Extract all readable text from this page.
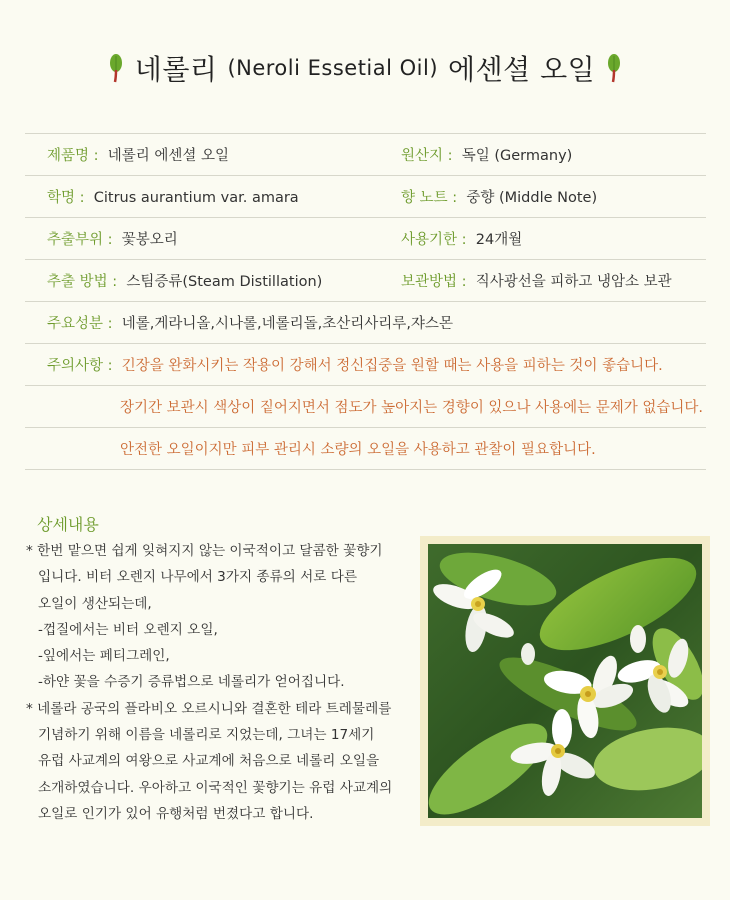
네롤리 (Neroli Essetial Oil) 에센셜 오일
제품명 : 네롤리 에센셜 오일	원산지 : 독일 (Germany)
학명 : Citrus aurantium var. amara	향 노트 : 중향 (Middle Note)
추출부위 : 꽃봉오리	사용기한 : 24개월
추출 방법 : 스팀증류(Steam Distillation)	보관방법 : 직사광선을 피하고 냉암소 보관
주요성분 : 네롤,게라니올,시나롤,네롤리돌,초산리사리루,쟈스몬	
주의사항 : 긴장을 완화시키는 작용이 강해서 정신집중을 원할 때는 사용을 피하는 것이 좋습니다.	
장기간 보관시 색상이 짙어지면서 점도가 높아지는 경향이 있으나 사용에는 문제가 없습니다.	
안전한 오일이지만 피부 관리시 소량의 오일을 사용하고 관찰이 필요합니다.	
상세내용

* 한번 맡으면 쉽게 잊혀지지 않는 이국적이고 달콤한 꽃향기

입니다. 비터 오렌지 나무에서 3가지 종류의 서로 다른

오일이 생산되는데,

-껍질에서는 비터 오렌지 오일,

-잎에서는 페티그레인,

-하얀 꽃을 수증기 증류법으로 네롤리가 얻어집니다.

* 네롤라 공국의 플라비오 오르시니와 결혼한 테라 트레물레를

기념하기 위해 이름을 네롤리로 지었는데, 그녀는 17세기

유럽 사교계의 여왕으로 사교계에 처음으로 네롤리 오일을

소개하였습니다. 우아하고 이국적인 꽃향기는 유럽 사교계의

오일로 인기가 있어 유행처럼 번졌다고 합니다.
